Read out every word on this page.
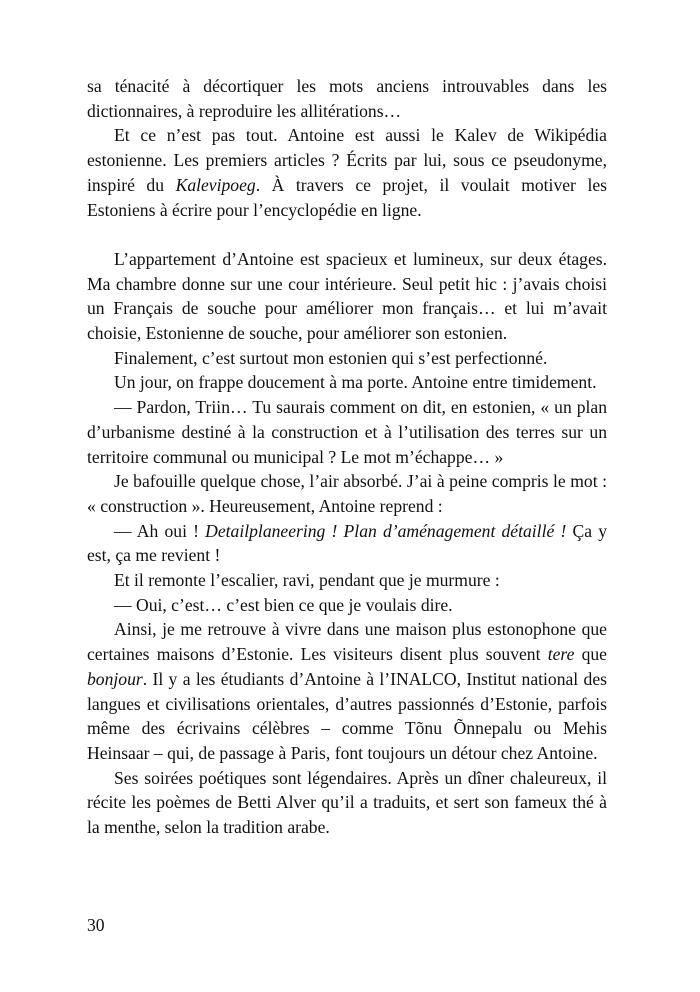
sa ténacité à décortiquer les mots anciens introuvables dans les dictionnaires, à reproduire les allitérations…

Et ce n’est pas tout. Antoine est aussi le Kalev de Wikipédia estonienne. Les premiers articles ? Écrits par lui, sous ce pseudonyme, inspiré du Kalevipoeg. À travers ce projet, il voulait motiver les Estoniens à écrire pour l’encyclopédie en ligne.

L’appartement d’Antoine est spacieux et lumineux, sur deux étages. Ma chambre donne sur une cour intérieure. Seul petit hic : j’avais choisi un Français de souche pour améliorer mon français… et lui m’avait choisie, Estonienne de souche, pour améliorer son estonien.

Finalement, c’est surtout mon estonien qui s’est perfectionné.

Un jour, on frappe doucement à ma porte. Antoine entre timidement.

— Pardon, Triin… Tu saurais comment on dit, en estonien, « un plan d’urbanisme destiné à la construction et à l’utilisation des terres sur un territoire communal ou municipal ? Le mot m’échappe… »

Je bafouille quelque chose, l’air absorbé. J’ai à peine compris le mot : « construction ». Heureusement, Antoine reprend :

— Ah oui ! Detailplaneering ! Plan d’aménagement détaillé ! Ça y est, ça me revient !

Et il remonte l’escalier, ravi, pendant que je murmure :

— Oui, c’est… c’est bien ce que je voulais dire.

Ainsi, je me retrouve à vivre dans une maison plus estonophone que certaines maisons d’Estonie. Les visiteurs disent plus souvent tere que bonjour. Il y a les étudiants d’Antoine à l’INALCO, Institut national des langues et civilisations orientales, d’autres passionnés d’Estonie, parfois même des écrivains célèbres – comme Tõnu Õnnepalu ou Mehis Heinsaar – qui, de passage à Paris, font toujours un détour chez Antoine.

Ses soirées poétiques sont légendaires. Après un dîner chaleureux, il récite les poèmes de Betti Alver qu’il a traduits, et sert son fameux thé à la menthe, selon la tradition arabe.

30
